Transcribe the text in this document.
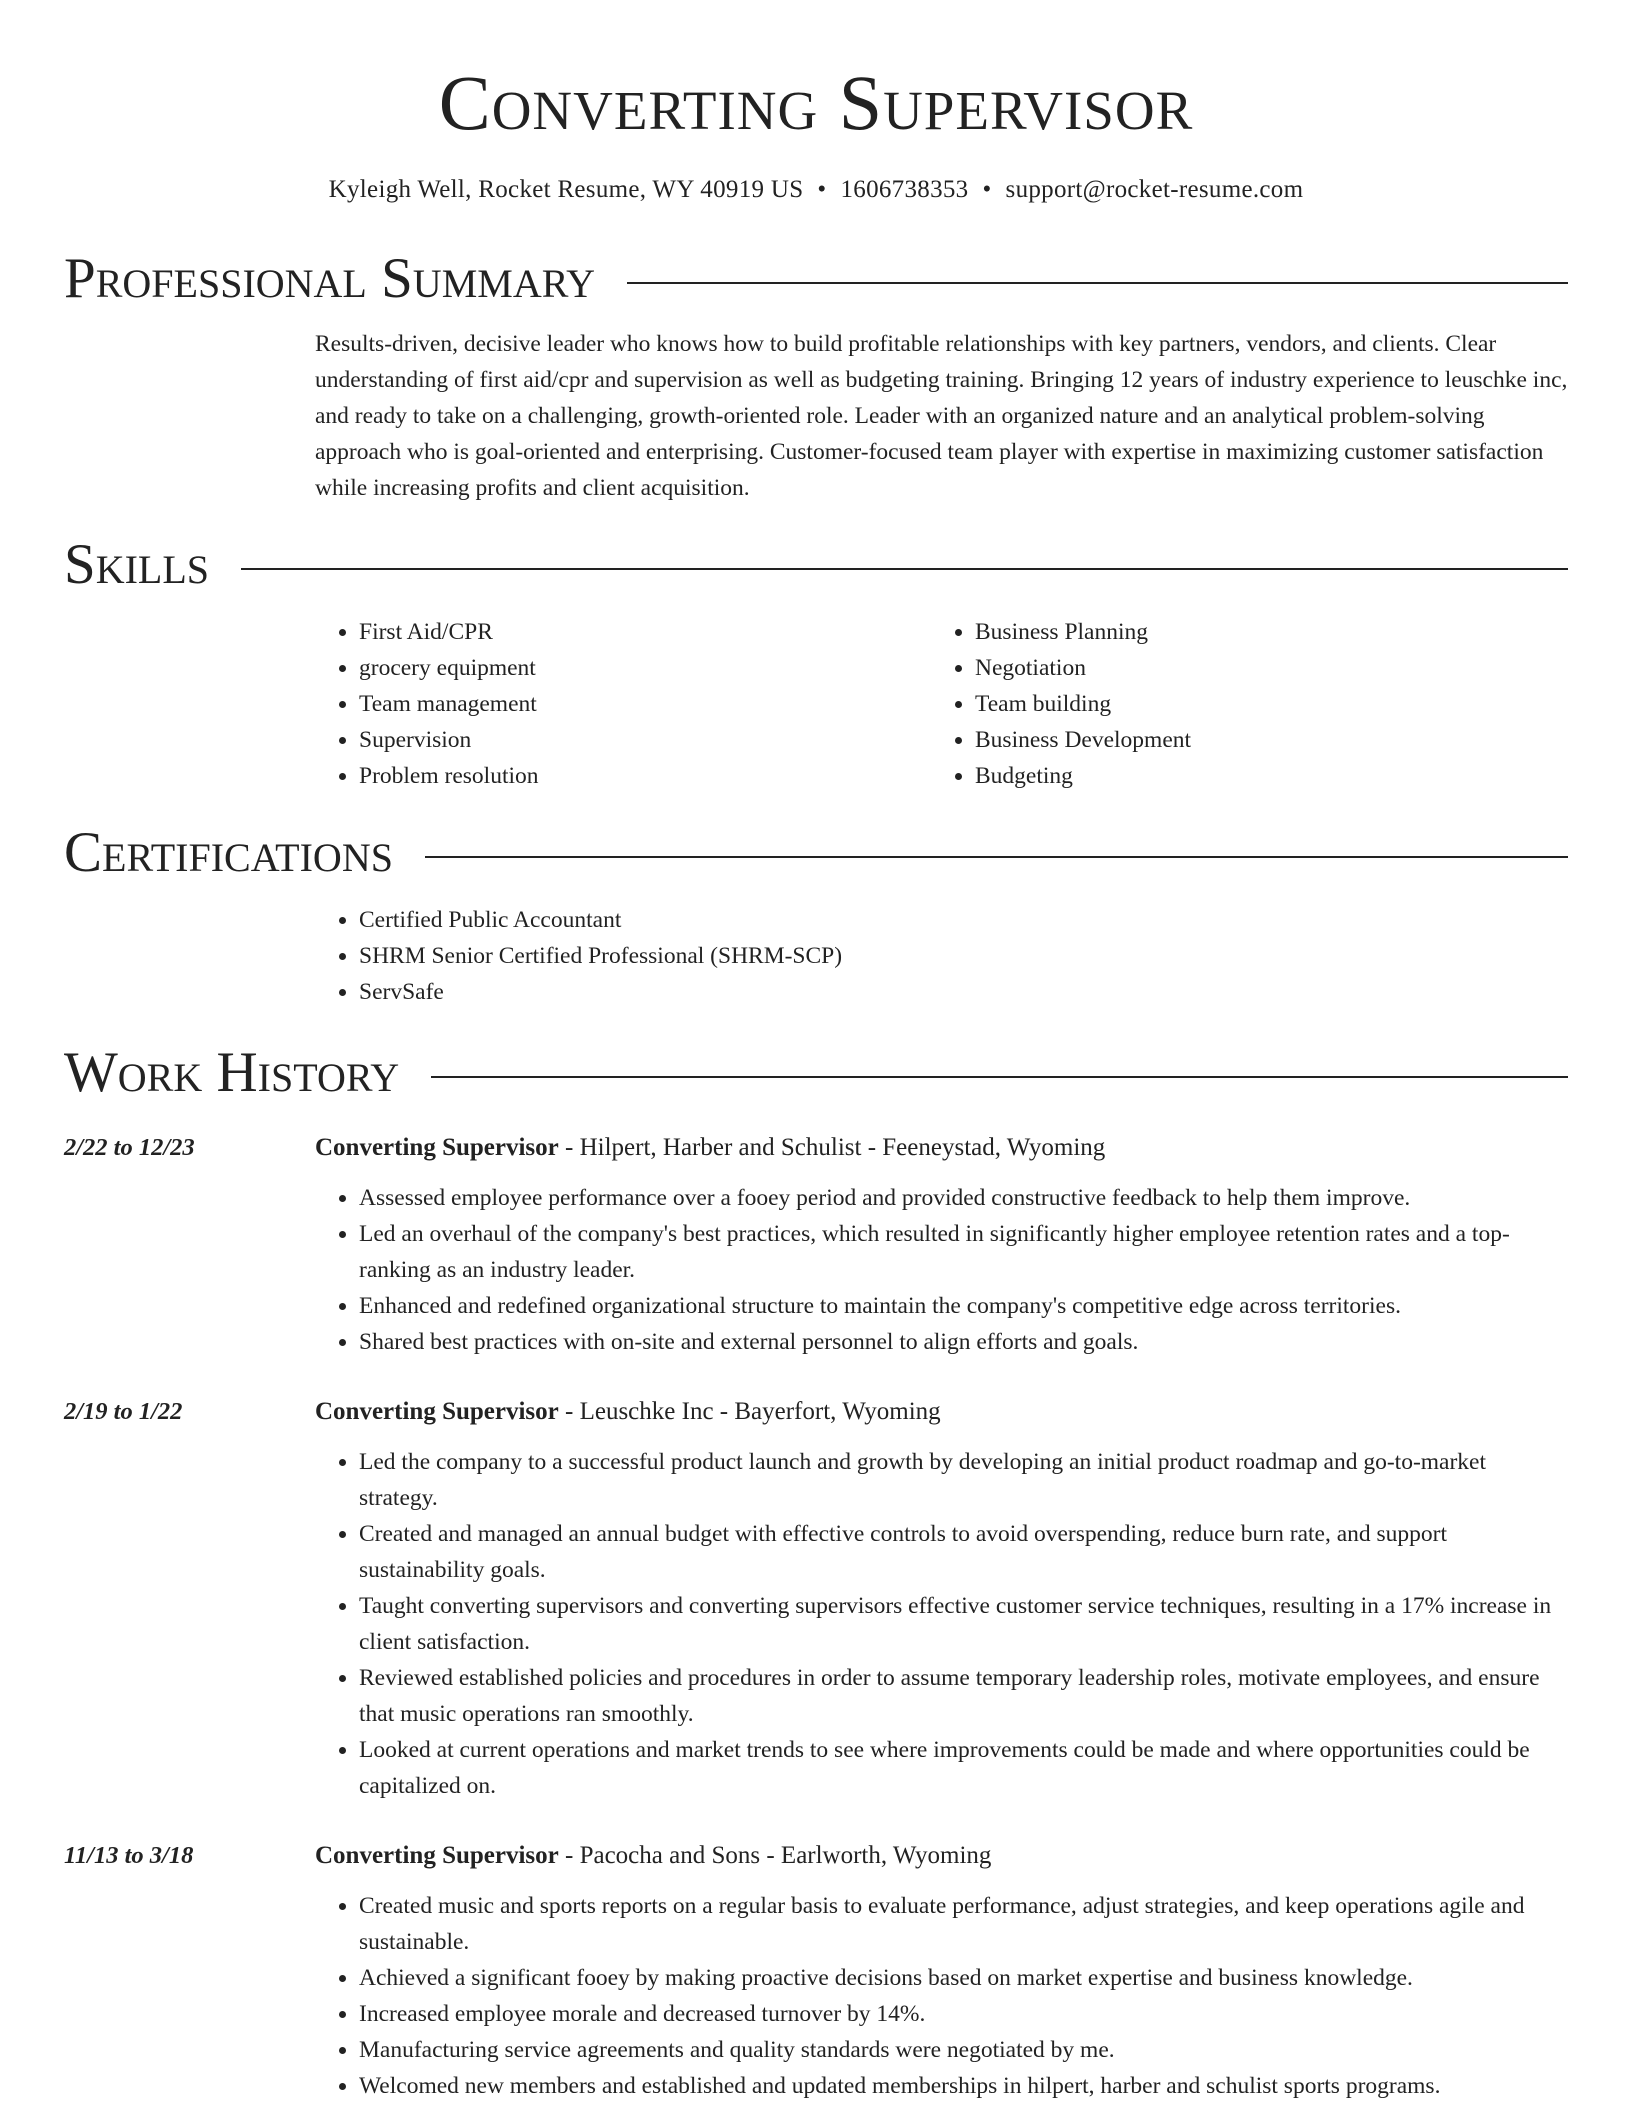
Converting Supervisor
Kyleigh Well, Rocket Resume, WY 40919 US • 1606738353 • support@rocket-resume.com
Professional Summary
Results-driven, decisive leader who knows how to build profitable relationships with key partners, vendors, and clients. Clear understanding of first aid/cpr and supervision as well as budgeting training. Bringing 12 years of industry experience to leuschke inc, and ready to take on a challenging, growth-oriented role. Leader with an organized nature and an analytical problem-solving approach who is goal-oriented and enterprising. Customer-focused team player with expertise in maximizing customer satisfaction while increasing profits and client acquisition.
Skills
• First Aid/CPR
• grocery equipment
• Team management
• Supervision
• Problem resolution
• Business Planning
• Negotiation
• Team building
• Business Development
• Budgeting
Certifications
• Certified Public Accountant
• SHRM Senior Certified Professional (SHRM-SCP)
• ServSafe
Work History
2/22 to 12/23	Converting Supervisor - Hilpert, Harber and Schulist - Feeneystad, Wyoming
• Assessed employee performance over a fooey period and provided constructive feedback to help them improve.
• Led an overhaul of the company's best practices, which resulted in significantly higher employee retention rates and a top-ranking as an industry leader.
• Enhanced and redefined organizational structure to maintain the company's competitive edge across territories.
• Shared best practices with on-site and external personnel to align efforts and goals.
2/19 to 1/22	Converting Supervisor - Leuschke Inc - Bayerfort, Wyoming
• Led the company to a successful product launch and growth by developing an initial product roadmap and go-to-market strategy.
• Created and managed an annual budget with effective controls to avoid overspending, reduce burn rate, and support sustainability goals.
• Taught converting supervisors and converting supervisors effective customer service techniques, resulting in a 17% increase in client satisfaction.
• Reviewed established policies and procedures in order to assume temporary leadership roles, motivate employees, and ensure that music operations ran smoothly.
• Looked at current operations and market trends to see where improvements could be made and where opportunities could be capitalized on.
11/13 to 3/18	Converting Supervisor - Pacocha and Sons - Earlworth, Wyoming
• Created music and sports reports on a regular basis to evaluate performance, adjust strategies, and keep operations agile and sustainable.
• Achieved a significant fooey by making proactive decisions based on market expertise and business knowledge.
• Increased employee morale and decreased turnover by 14%.
• Manufacturing service agreements and quality standards were negotiated by me.
• Welcomed new members and established and updated memberships in hilpert, harber and schulist sports programs.
